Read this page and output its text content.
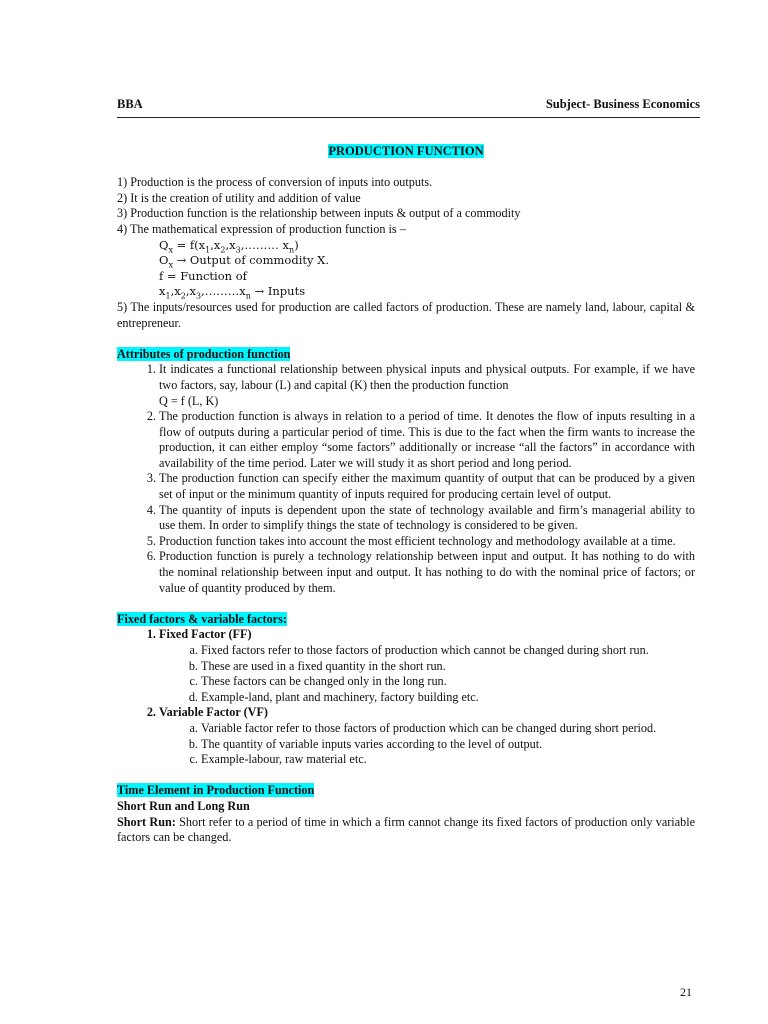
BBA	Subject- Business Economics

PRODUCTION FUNCTION

1) Production is the process of conversion of inputs into outputs.

2) It is the creation of utility and addition of value

3) Production function is the relationship between inputs & output of a commodity

4) The mathematical expression of production function is –

$Q_x$ = $f(x_1,x_2,x_3,\dots\dots\dots$ $x_n$)

$O_x$ → Output of commodity X.

f = Function of

$x_1,x_2,x_3,\dots\dots\dots x_n$ → Inputs

5) The inputs/resources used for production are called factors of production. These are namely land, labour, capital & entrepreneur.

Attributes of production function

1. It indicates a functional relationship between physical inputs and physical outputs. For example, if we have two factors, say, labour (L) and capital (K) then the production function
Q = f (L, K)
2. The production function is always in relation to a period of time. It denotes the flow of inputs resulting in a flow of outputs during a particular period of time. This is due to the fact when the firm wants to increase the production, it can either employ “some factors” additionally or increase “all the factors” in accordance with availability of the time period. Later we will study it as short period and long period.
3. The production function can specify either the maximum quantity of output that can be produced by a given set of input or the minimum quantity of inputs required for producing certain level of output.
4. The quantity of inputs is dependent upon the state of technology available and firm’s managerial ability to use them. In order to simplify things the state of technology is considered to be given.
5. Production function takes into account the most efficient technology and methodology available at a time.
6. Production function is purely a technology relationship between input and output. It has nothing to do with the nominal relationship between input and output. It has nothing to do with the nominal price of factors; or value of quantity produced by them.

Fixed factors & variable factors:

1. Fixed Factor (FF)
a. Fixed factors refer to those factors of production which cannot be changed during short run.
b. These are used in a fixed quantity in the short run.
c. These factors can be changed only in the long run.
d. Example-land, plant and machinery, factory building etc.
2. Variable Factor (VF)
a. Variable factor refer to those factors of production which can be changed during short period.
b. The quantity of variable inputs varies according to the level of output.
c. Example-labour, raw material etc.

Time Element in Production Function

Short Run and Long Run

Short Run: Short refer to a period of time in which a firm cannot change its fixed factors of production only variable factors can be changed.

21
